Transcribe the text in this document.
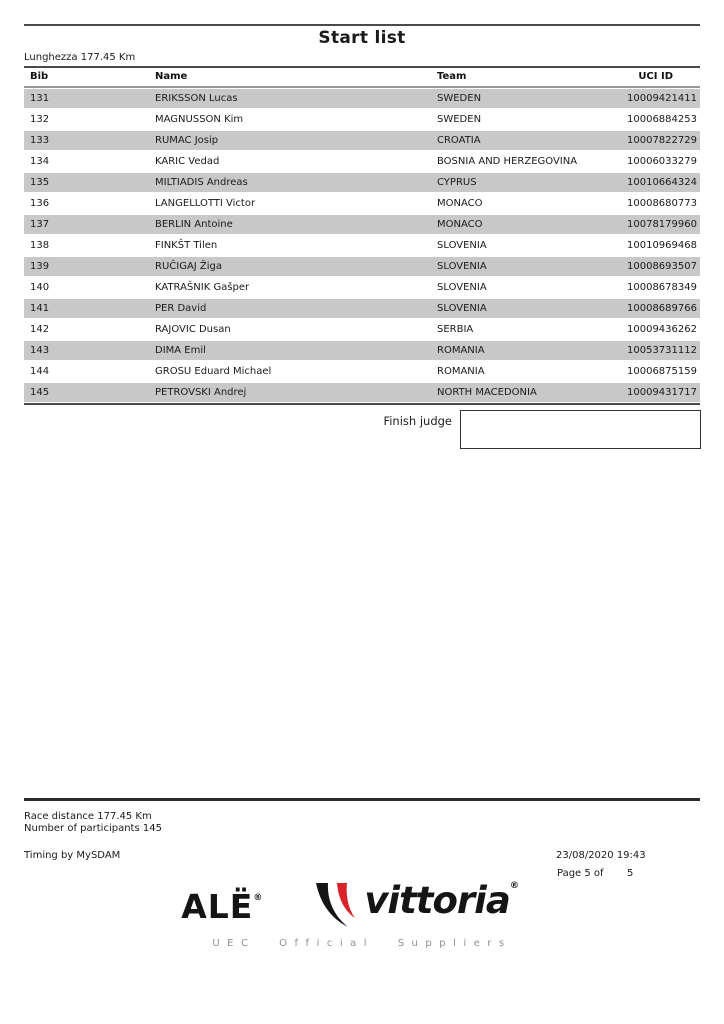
Start list
Lunghezza 177.45 Km
Bib	Name	Team	UCI ID
131	ERIKSSON Lucas	SWEDEN	10009421411
132	MAGNUSSON Kim	SWEDEN	10006884253
133	RUMAC Josip	CROATIA	10007822729
134	KARIC Vedad	BOSNIA AND HERZEGOVINA	10006033279
135	MILTIADIS Andreas	CYPRUS	10010664324
136	LANGELLOTTI Victor	MONACO	10008680773
137	BERLIN Antoine	MONACO	10078179960
138	FINKŠT Tilen	SLOVENIA	10010969468
139	RUČIGAJ Žiga	SLOVENIA	10008693507
140	KATRAŠNIK Gašper	SLOVENIA	10008678349
141	PER David	SLOVENIA	10008689766
142	RAJOVIC Dusan	SERBIA	10009436262
143	DIMA Emil	ROMANIA	10053731112
144	GROSU Eduard Michael	ROMANIA	10006875159
145	PETROVSKI Andrej	NORTH MACEDONIA	10009431717
Finish judge
Race distance 177.45 Km
Number of participants 145
Timing by MySDAM	23/08/2020 19:43
Page 5 of 5
ALË®	vittoria ®
UEC Official Suppliers
